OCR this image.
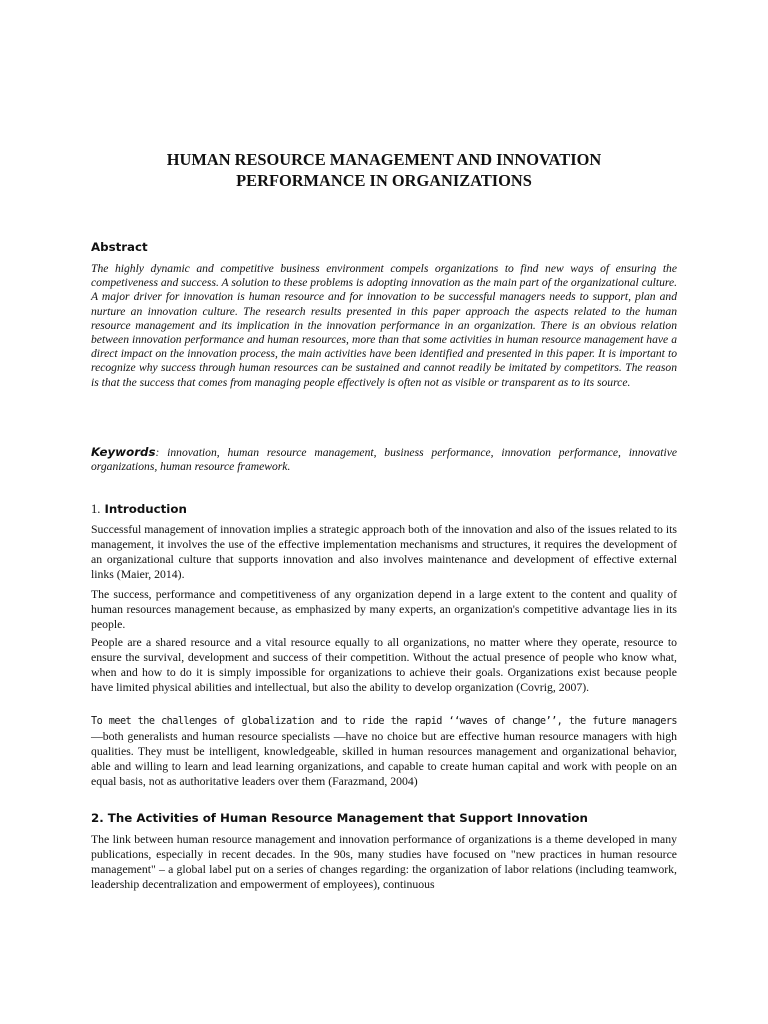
HUMAN RESOURCE MANAGEMENT AND INNOVATION
PERFORMANCE IN ORGANIZATIONS
Abstract

The highly dynamic and competitive business environment compels organizations to find new ways of ensuring the competiveness and success. A solution to these problems is adopting innovation as the main part of the organizational culture. A major driver for innovation is human resource and for innovation to be successful managers needs to support, plan and nurture an innovation culture. The research results presented in this paper approach the aspects related to the human resource management and its implication in the innovation performance in an organization. There is an obvious relation between innovation performance and human resources, more than that some activities in human resource management have a direct impact on the innovation process, the main activities have been identified and presented in this paper. It is important to recognize why success through human resources can be sustained and cannot readily be imitated by competitors. The reason is that the success that comes from managing people effectively is often not as visible or transparent as to its source.

Keywords: innovation, human resource management, business performance, innovation performance, innovative organizations, human resource framework.

1. Introduction

Successful management of innovation implies a strategic approach both of the innovation and also of the issues related to its management, it involves the use of the effective implementation mechanisms and structures, it requires the development of an organizational culture that supports innovation and also involves maintenance and development of effective external links (Maier, 2014).

The success, performance and competitiveness of any organization depend in a large extent to the content and quality of human resources management because, as emphasized by many experts, an organization's competitive advantage lies in its people.

People are a shared resource and a vital resource equally to all organizations, no matter where they operate, resource to ensure the survival, development and success of their competition. Without the actual presence of people who know what, when and how to do it is simply impossible for organizations to achieve their goals. Organizations exist because people have limited physical abilities and intellectual, but also the ability to develop organization (Covrig, 2007).

To meet the challenges of globalization and to ride the rapid ‘‘waves of change’’, the future managers —both generalists and human resource specialists —have no choice but are effective human resource managers with high qualities. They must be intelligent, knowledgeable, skilled in human resources management and organizational behavior, able and willing to learn and lead learning organizations, and capable to create human capital and work with people on an equal basis, not as authoritative leaders over them (Farazmand, 2004)

2. The Activities of Human Resource Management that Support Innovation

The link between human resource management and innovation performance of organizations is a theme developed in many publications, especially in recent decades. In the 90s, many studies have focused on "new practices in human resource management" – a global label put on a series of changes regarding: the organization of labor relations (including teamwork, leadership decentralization and empowerment of employees), continuous
